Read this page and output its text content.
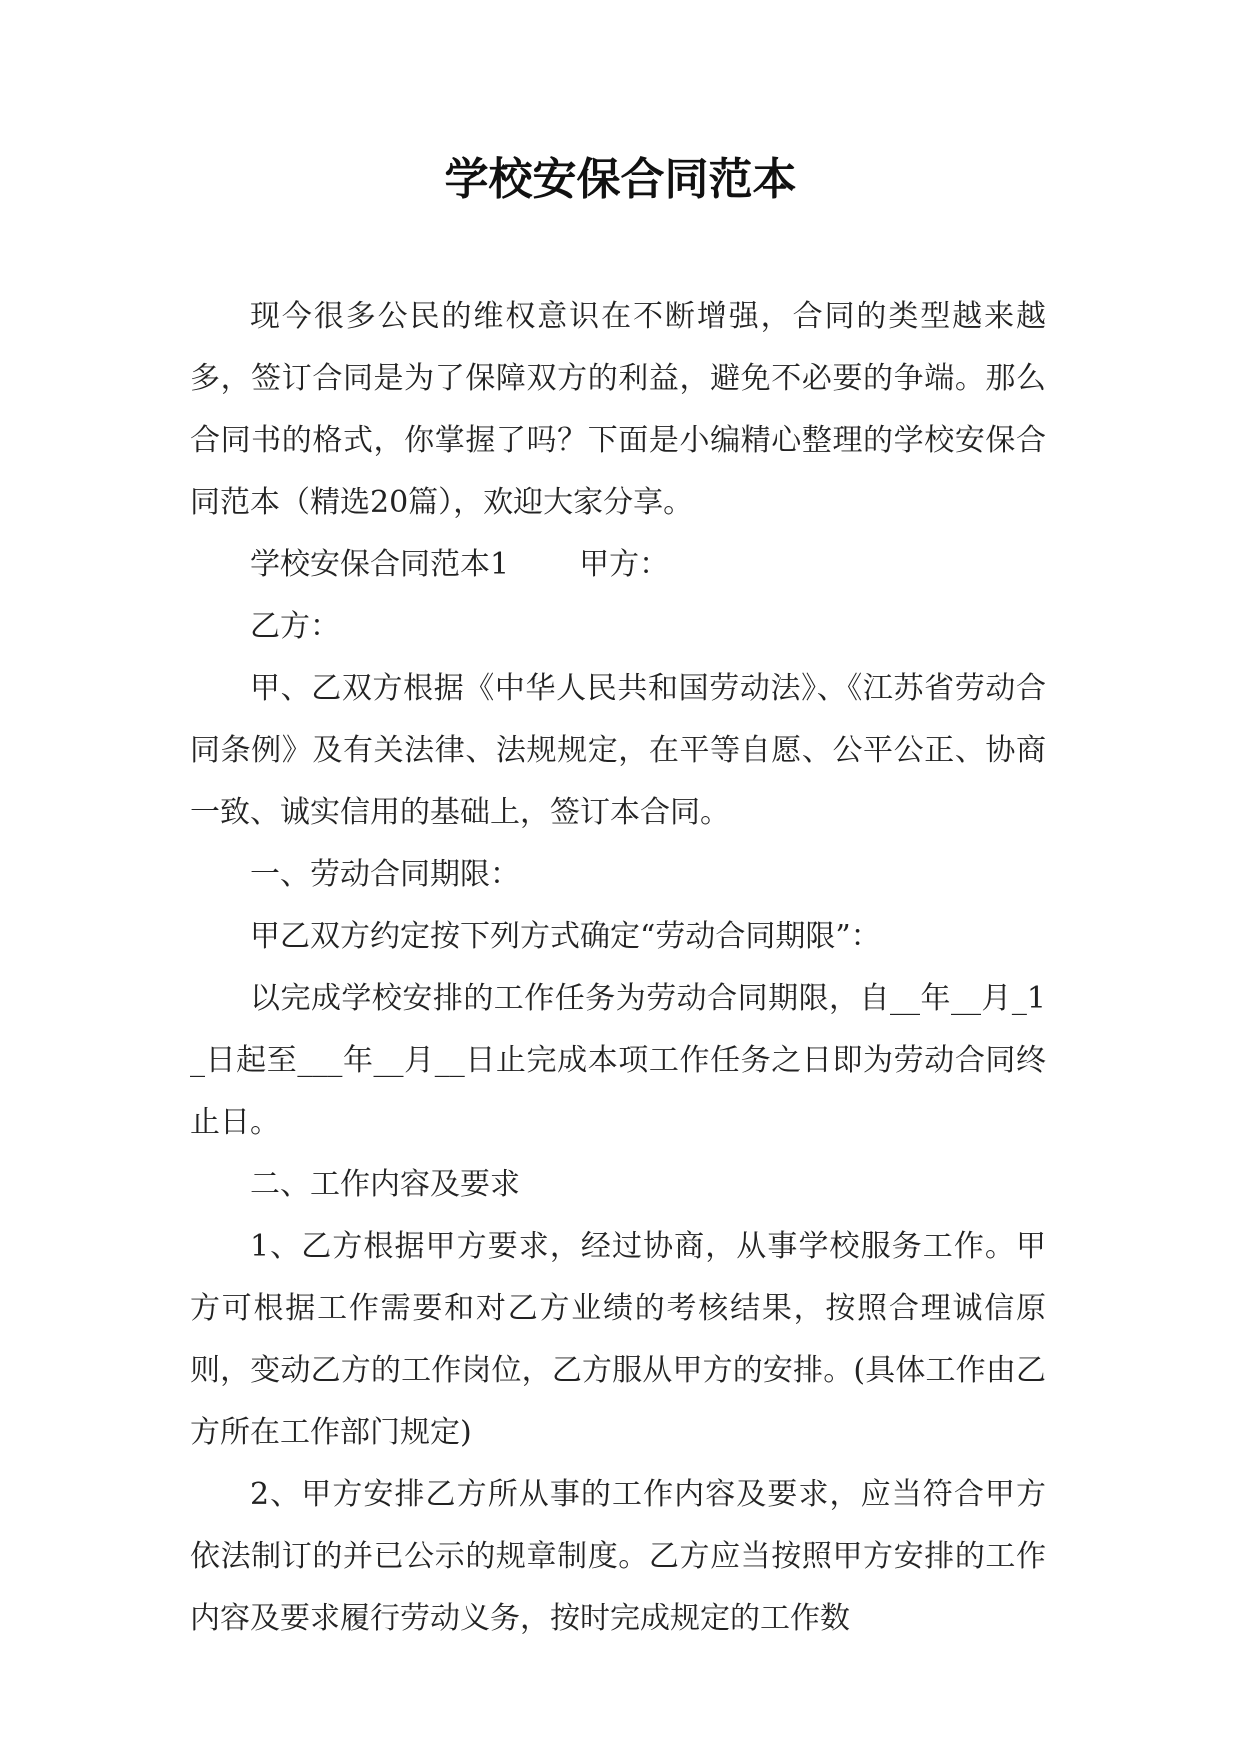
学校安保合同范本

现今很多公民的维权意识在不断增强，合同的类型越来越多，签订合同是为了保障双方的利益，避免不必要的争端。那么合同书的格式，你掌握了吗？下面是小编精心整理的学校安保合同范本（精选20篇），欢迎大家分享。

学校安保合同范本1 甲方：

乙方：

甲、乙双方根据《中华人民共和国劳动法》、《江苏省劳动合同条例》及有关法律、法规规定，在平等自愿、公平公正、协商一致、诚实信用的基础上，签订本合同。

一、劳动合同期限：

甲乙双方约定按下列方式确定“劳动合同期限”：

以完成学校安排的工作任务为劳动合同期限，自__年__月_1_日起至___年__月__日止完成本项工作任务之日即为劳动合同终止日。

二、工作内容及要求

1、乙方根据甲方要求，经过协商，从事学校服务工作。甲方可根据工作需要和对乙方业绩的考核结果，按照合理诚信原则，变动乙方的工作岗位，乙方服从甲方的安排。(具体工作由乙方所在工作部门规定)

2、甲方安排乙方所从事的工作内容及要求，应当符合甲方依法制订的并已公示的规章制度。乙方应当按照甲方安排的工作内容及要求履行劳动义务，按时完成规定的工作数
